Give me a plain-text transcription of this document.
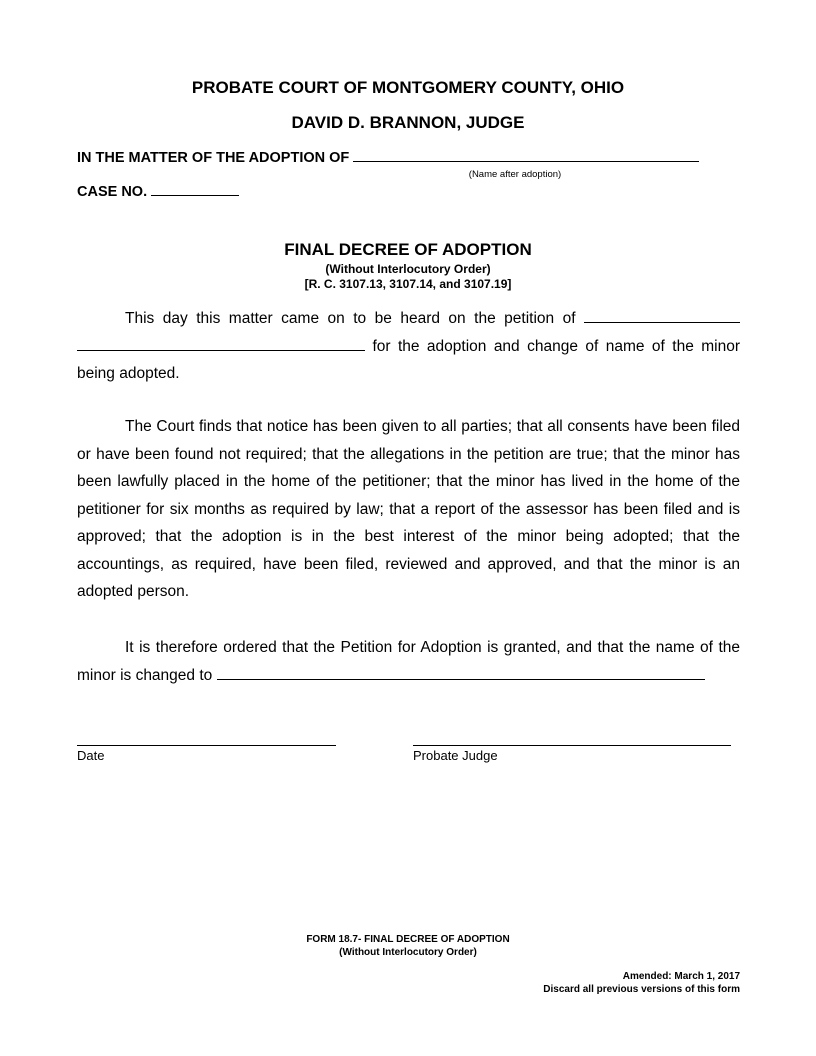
PROBATE COURT OF MONTGOMERY COUNTY, OHIO
DAVID D. BRANNON, JUDGE
IN THE MATTER OF THE ADOPTION OF
(Name after adoption)
CASE NO.
FINAL DECREE OF ADOPTION
(Without Interlocutory Order)
[R. C. 3107.13, 3107.14, and 3107.19]
This day this matter came on to be heard on the petition of   for the adoption and change of name of the minor being adopted.
The Court finds that notice has been given to all parties; that all consents have been filed or have been found not required; that the allegations in the petition are true; that the minor has been lawfully placed in the home of the petitioner; that the minor has lived in the home of the petitioner for six months as required by law; that a report of the assessor has been filed and is approved; that the adoption is in the best interest of the minor being adopted; that the accountings, as required, have been filed, reviewed and approved, and that the minor is an adopted person.
It is therefore ordered that the Petition for Adoption is granted, and that the name of the minor is changed to
Date	Probate Judge
FORM 18.7- FINAL DECREE OF ADOPTION
(Without Interlocutory Order)
Amended: March 1, 2017
Discard all previous versions of this form
